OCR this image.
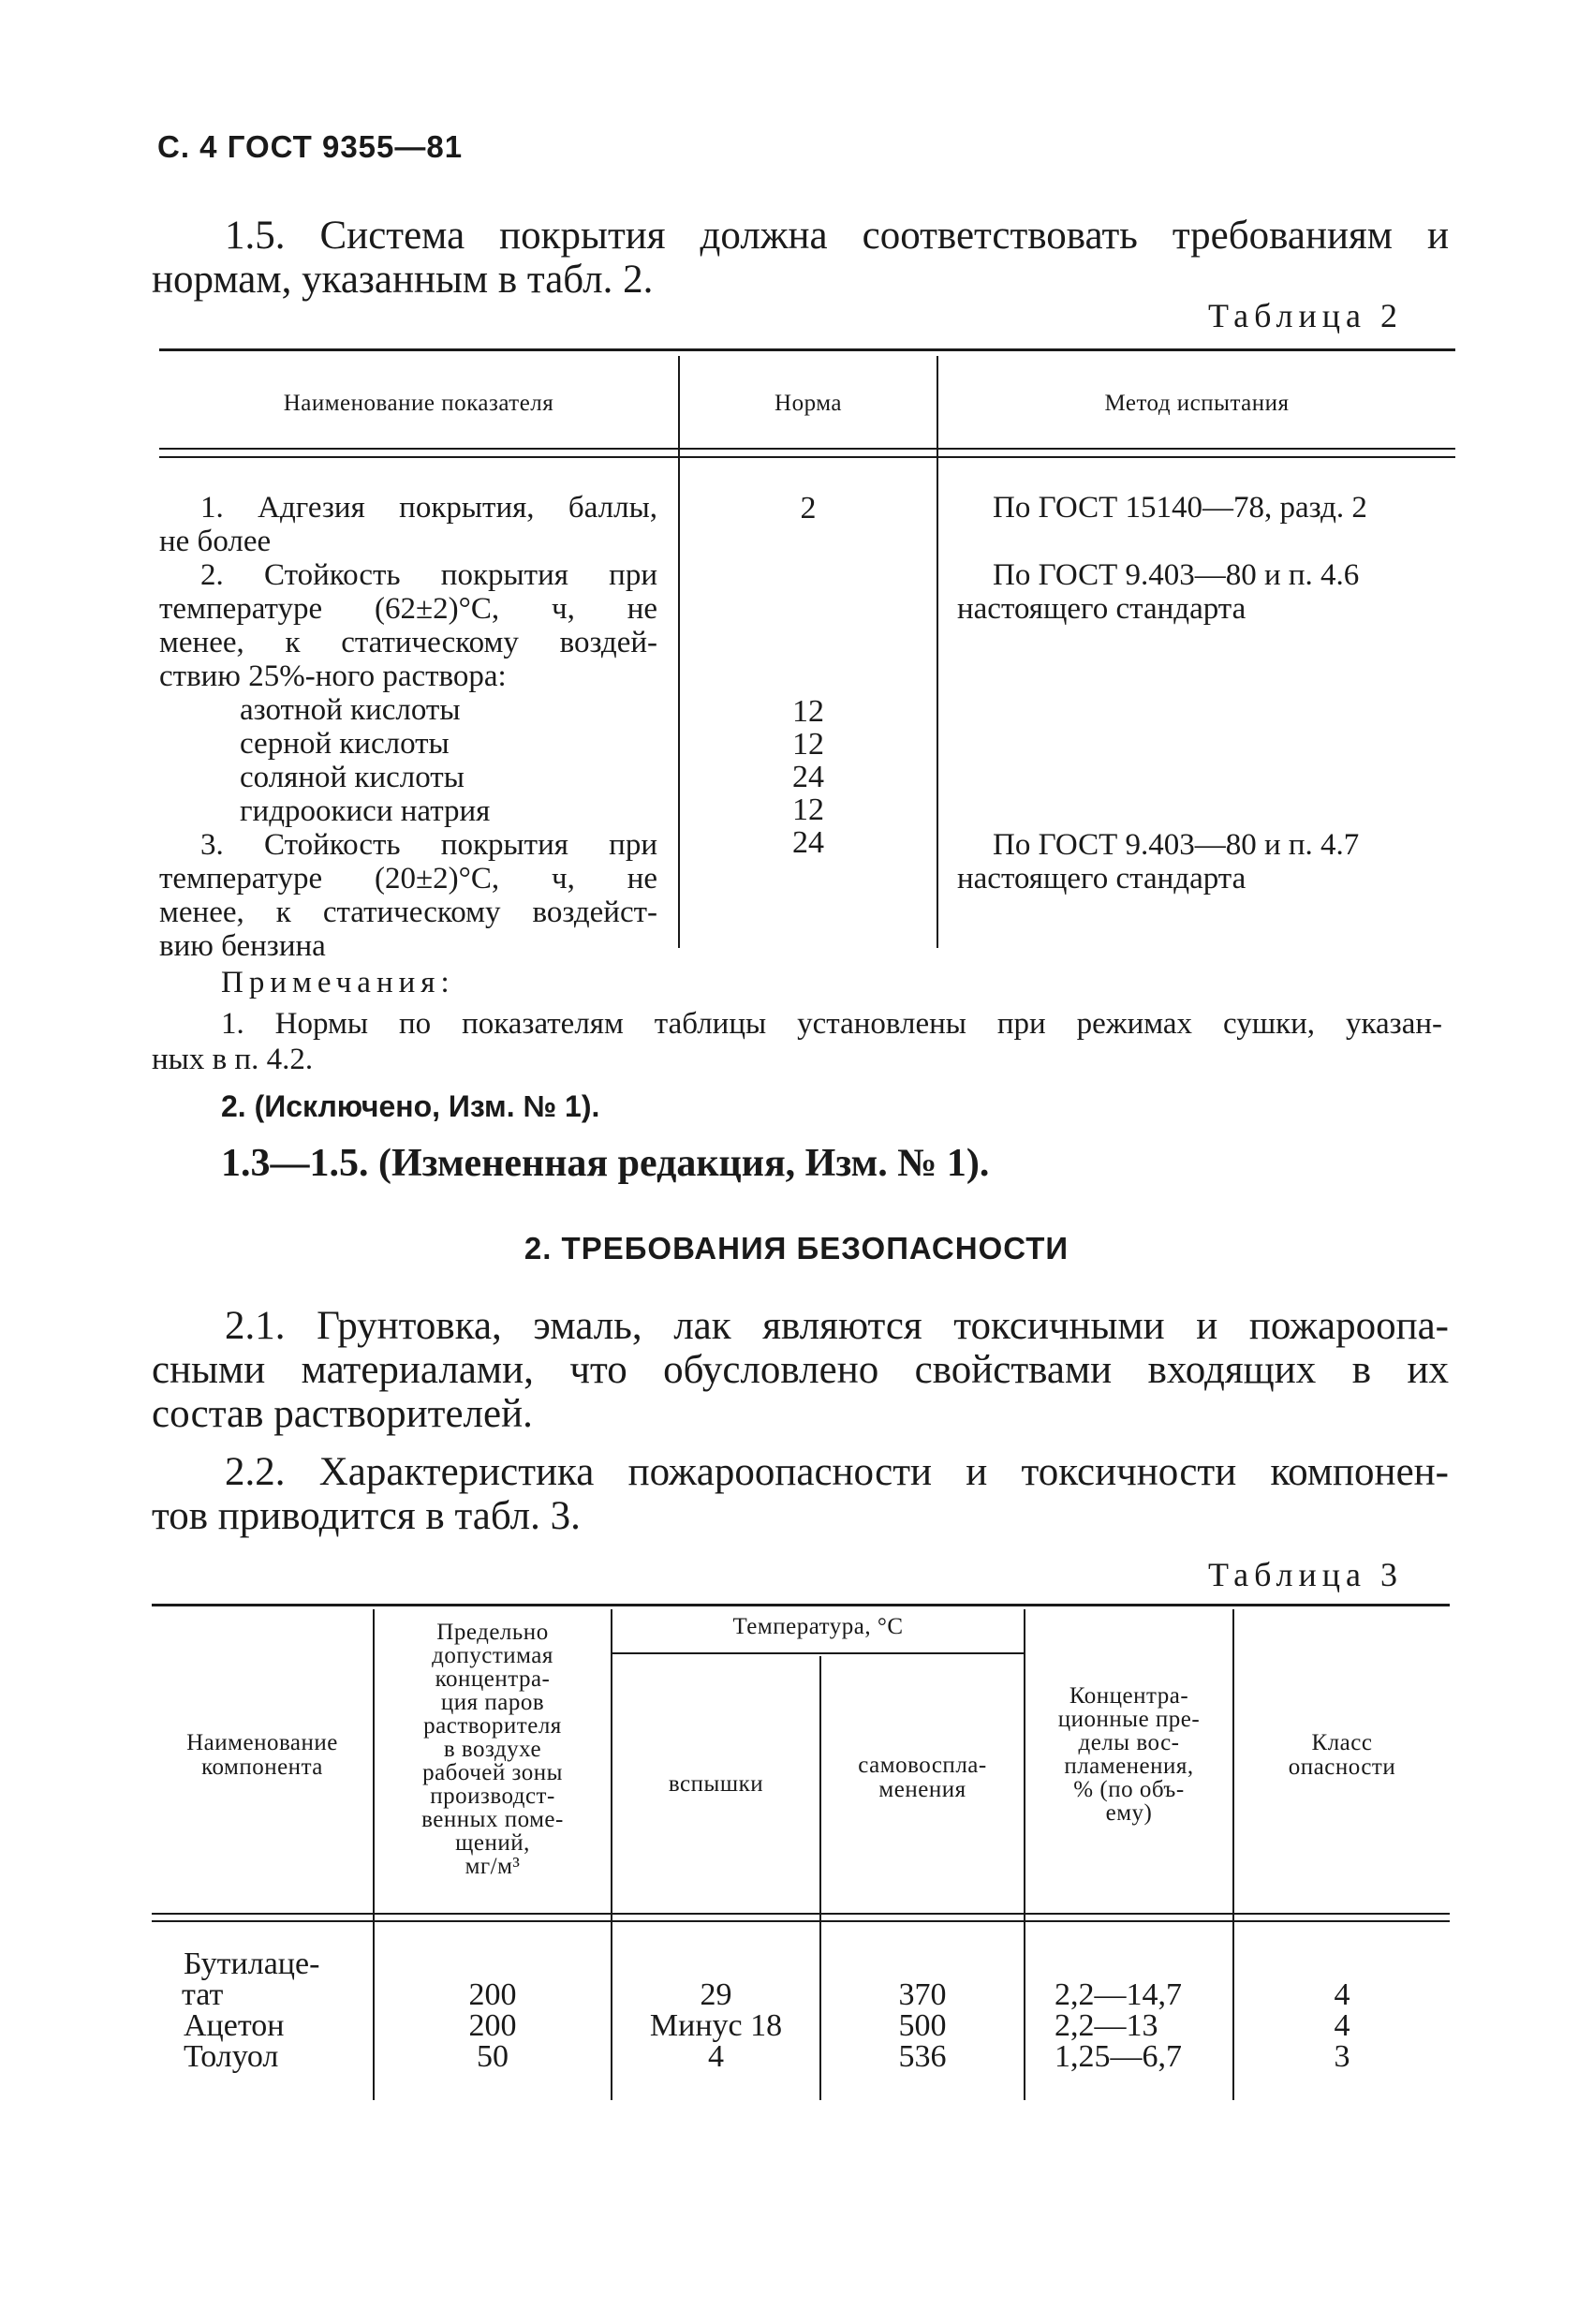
С. 4 ГОСТ 9355—81
1.5. Система покрытия должна соответствовать требованиям и
нормам, указанным в табл. 2.
Таблица 2
Наименование показателя	Норма	Метод испытания
1. Адгезия покрытия, баллы,
не более
2. Стойкость покрытия при
температуре (62±2)°С, ч, не
менее, к статическому воздей-
ствию 25%-ного раствора:
азотной кислоты
серной кислоты
соляной кислоты
гидроокиси натрия
3. Стойкость покрытия при
температуре (20±2)°С, ч, не
менее, к статическому воздейст-
вию бензина
2
12
12
24
12
24
По ГОСТ 15140—78, разд. 2
По ГОСТ 9.403—80 и п. 4.6
настоящего стандарта
По ГОСТ 9.403—80 и п. 4.7
настоящего стандарта
Примечания:
1. Нормы по показателям таблицы установлены при режимах сушки, указан-
ных в п. 4.2.
2. (Исключено, Изм. № 1).
1.3—1.5. (Измененная редакция, Изм. № 1).
2. ТРЕБОВАНИЯ БЕЗОПАСНОСТИ
2.1. Грунтовка, эмаль, лак являются токсичными и пожароопа-
сными материалами, что обусловлено свойствами входящих в их
состав растворителей.
2.2. Характеристика пожароопасности и токсичности компонен-
тов приводится в табл. 3.
Таблица 3
Наименование
компонента
Предельно
допустимая
концентра-
ция паров
растворителя
в воздухе
рабочей зоны
производст-
венных поме-
щений,
мг/м³
Температура, °С
вспышки
самовоспла-
менения
Концентра-
ционные пре-
делы вос-
пламенения,
% (по объ-
ему)
Класс
опасности
Бутилаце-
тат
Ацетон
Толуол
200
200
50
29
Минус 18
4
370
500
536
2,2—14,7
2,2—13
1,25—6,7
4
4
3
